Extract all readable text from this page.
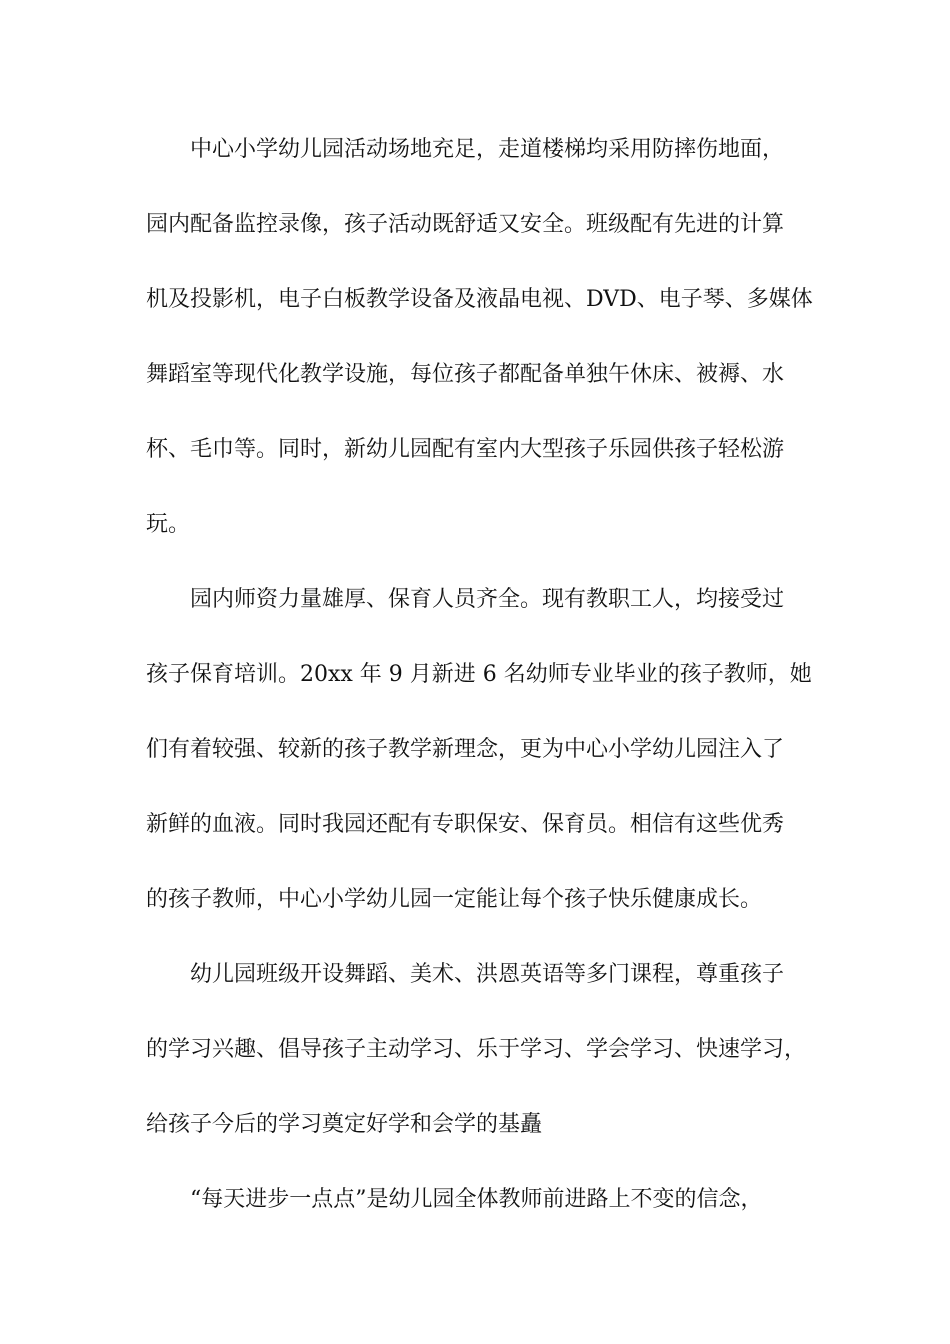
中心小学幼儿园活动场地充足，走道楼梯均采用防摔伤地面，
园内配备监控录像，孩子活动既舒适又安全。班级配有先进的计算
机及投影机，电子白板教学设备及液晶电视、DVD、电子琴、多媒体
舞蹈室等现代化教学设施，每位孩子都配备单独午休床、被褥、水
杯、毛巾等。同时，新幼儿园配有室内大型孩子乐园供孩子轻松游
玩。
园内师资力量雄厚、保育人员齐全。现有教职工人，均接受过
孩子保育培训。20xx 年 9 月新进 6 名幼师专业毕业的孩子教师，她
们有着较强、较新的孩子教学新理念，更为中心小学幼儿园注入了
新鲜的血液。同时我园还配有专职保安、保育员。相信有这些优秀
的孩子教师，中心小学幼儿园一定能让每个孩子快乐健康成长。
幼儿园班级开设舞蹈、美术、洪恩英语等多门课程，尊重孩子
的学习兴趣、倡导孩子主动学习、乐于学习、学会学习、快速学习，
给孩子今后的学习奠定好学和会学的基矗
“每天进步一点点”是幼儿园全体教师前进路上不变的信念，
